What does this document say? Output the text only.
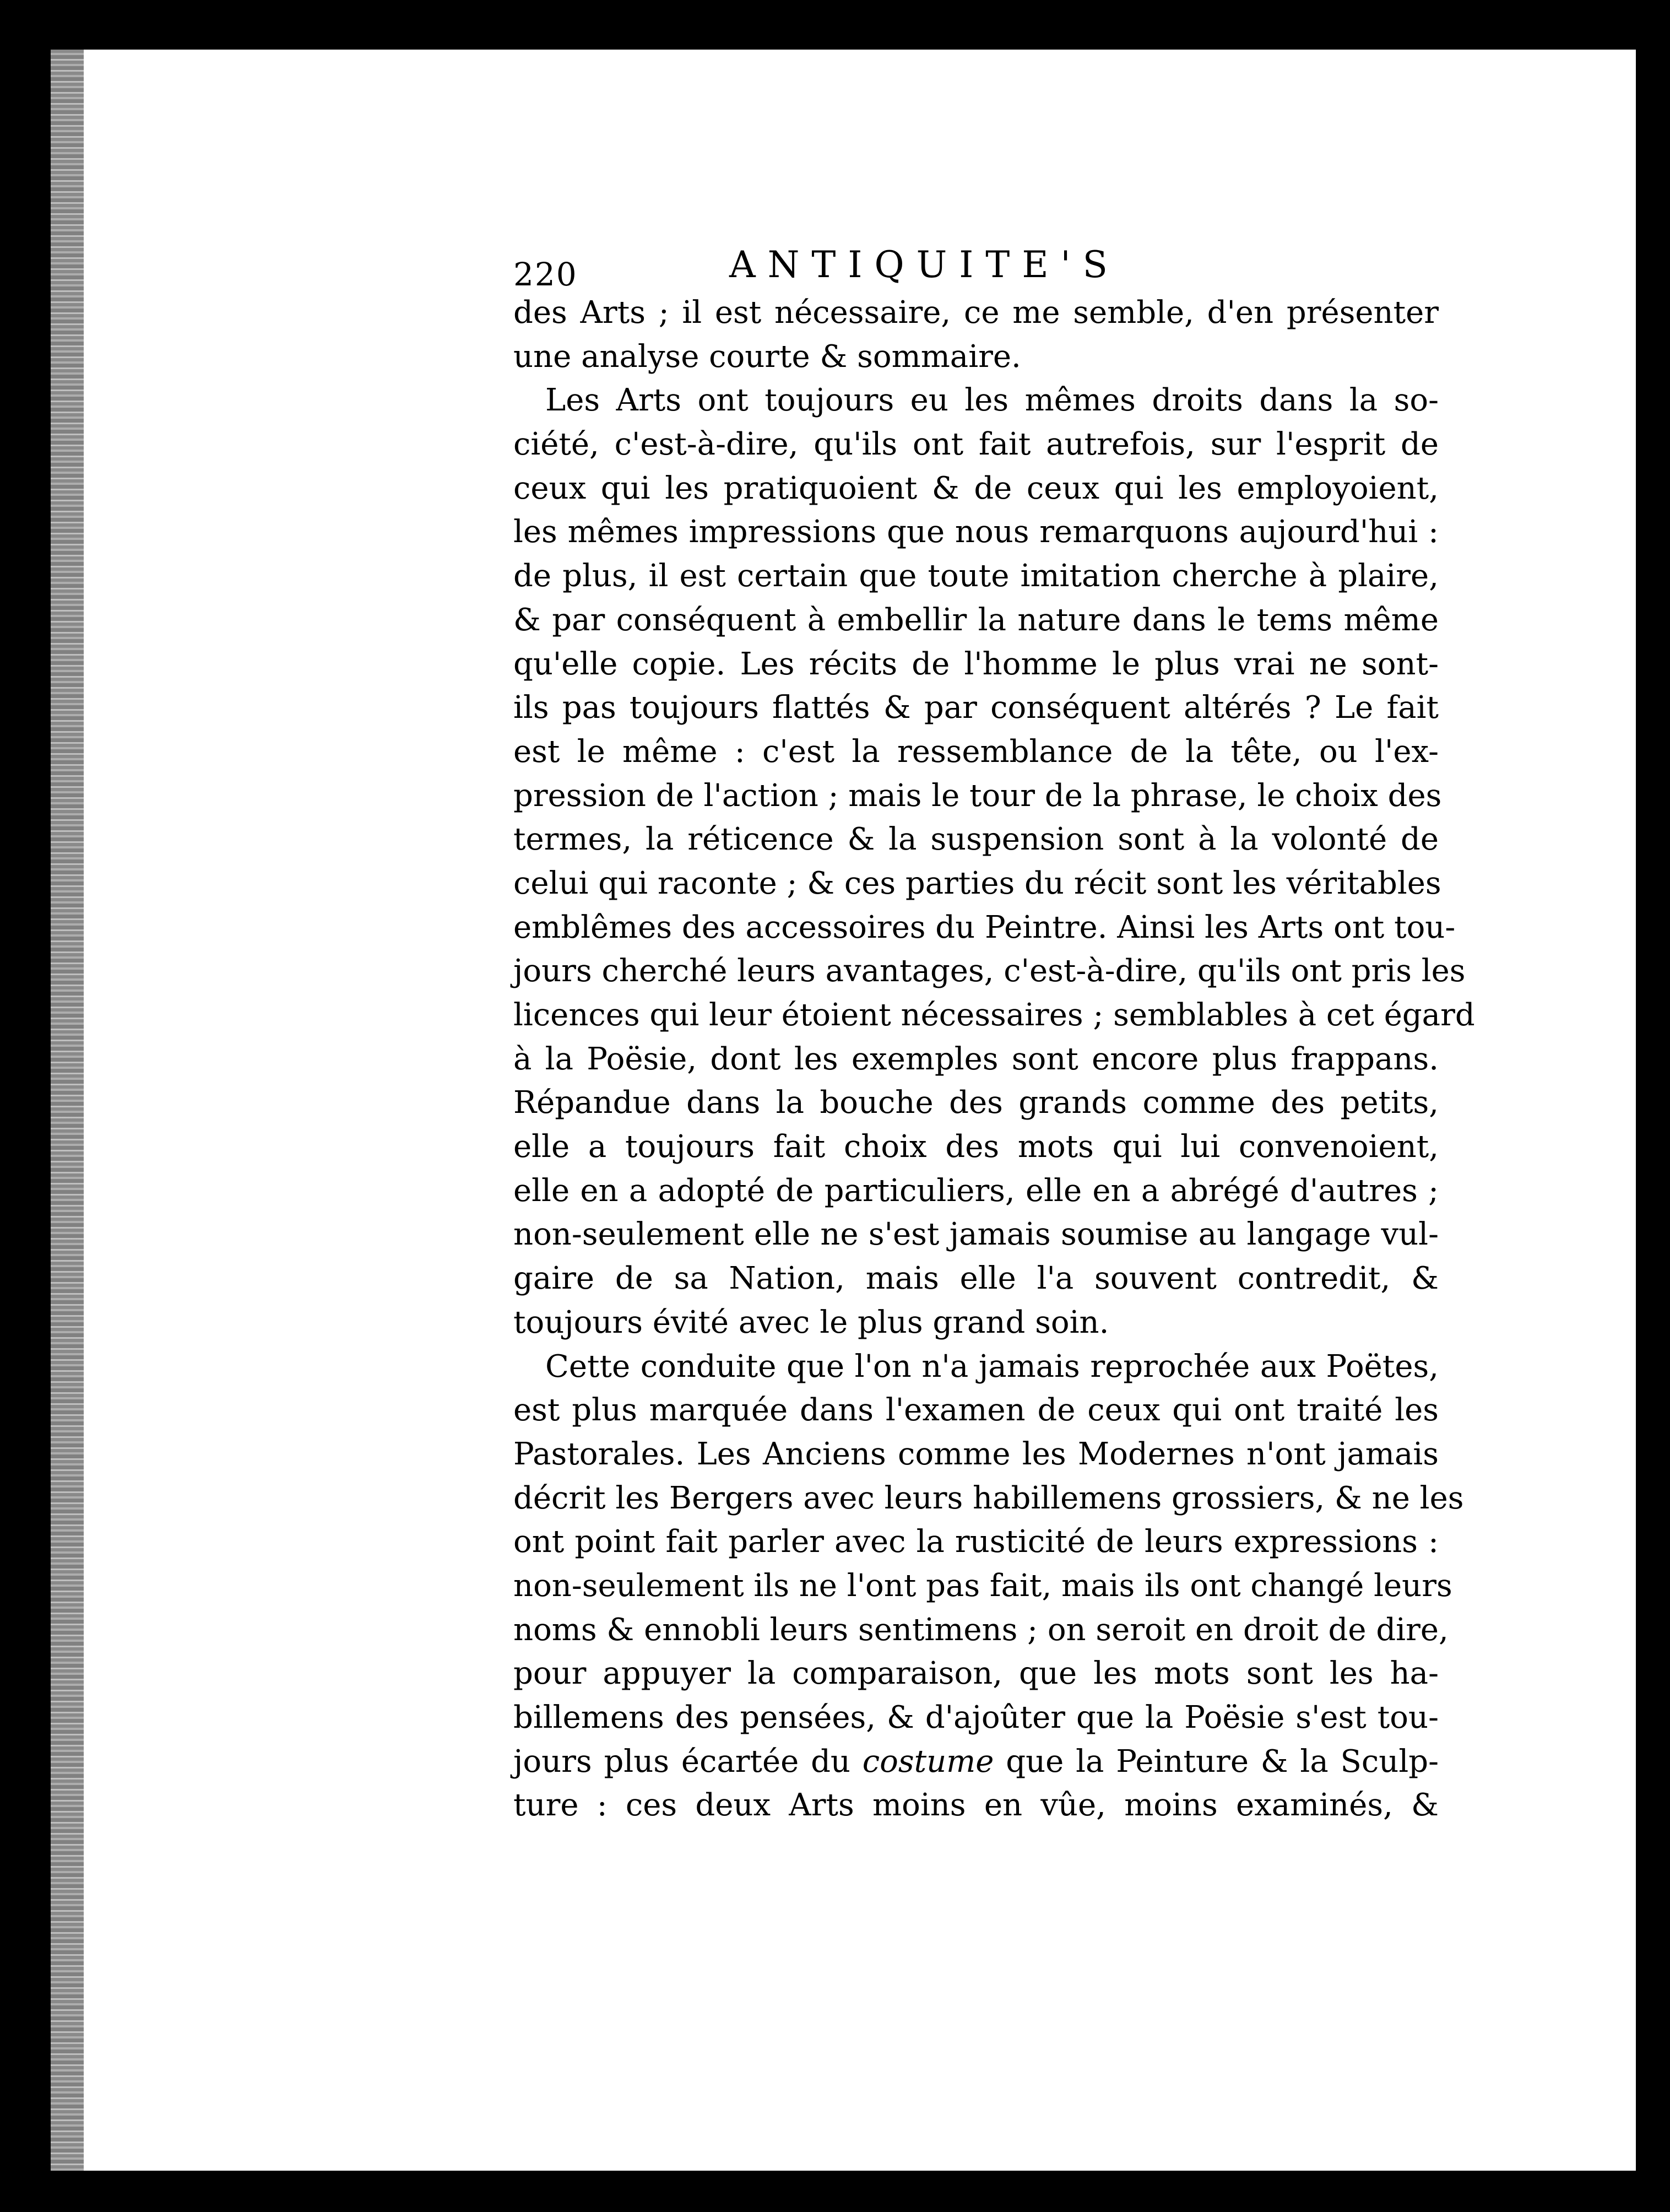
220	ANTIQUITE'S
des Arts ; il est nécessaire, ce me semble, d'en présenter
une analyse courte & sommaire.
Les Arts ont toujours eu les mêmes droits dans la so-
ciété, c'est-à-dire, qu'ils ont fait autrefois, sur l'esprit de
ceux qui les pratiquoient & de ceux qui les employoient,
les mêmes impressions que nous remarquons aujourd'hui :
de plus, il est certain que toute imitation cherche à plaire,
& par conséquent à embellir la nature dans le tems même
qu'elle copie. Les récits de l'homme le plus vrai ne sont-
ils pas toujours flattés & par conséquent altérés ? Le fait
est le même : c'est la ressemblance de la tête, ou l'ex-
pression de l'action ; mais le tour de la phrase, le choix des
termes, la réticence & la suspension sont à la volonté de
celui qui raconte ; & ces parties du récit sont les véritables
emblêmes des accessoires du Peintre. Ainsi les Arts ont tou-
jours cherché leurs avantages, c'est-à-dire, qu'ils ont pris les
licences qui leur étoient nécessaires ; semblables à cet égard
à la Poësie, dont les exemples sont encore plus frappans.
Répandue dans la bouche des grands comme des petits,
elle a toujours fait choix des mots qui lui convenoient,
elle en a adopté de particuliers, elle en a abrégé d'autres ;
non-seulement elle ne s'est jamais soumise au langage vul-
gaire de sa Nation, mais elle l'a souvent contredit, &
toujours évité avec le plus grand soin.
Cette conduite que l'on n'a jamais reprochée aux Poëtes,
est plus marquée dans l'examen de ceux qui ont traité les
Pastorales. Les Anciens comme les Modernes n'ont jamais
décrit les Bergers avec leurs habillemens grossiers, & ne les
ont point fait parler avec la rusticité de leurs expressions :
non-seulement ils ne l'ont pas fait, mais ils ont changé leurs
noms & ennobli leurs sentimens ; on seroit en droit de dire,
pour appuyer la comparaison, que les mots sont les ha-
billemens des pensées, & d'ajoûter que la Poësie s'est tou-
jours plus écartée du costume que la Peinture & la Sculp-
ture : ces deux Arts moins en vûe, moins examinés, &
